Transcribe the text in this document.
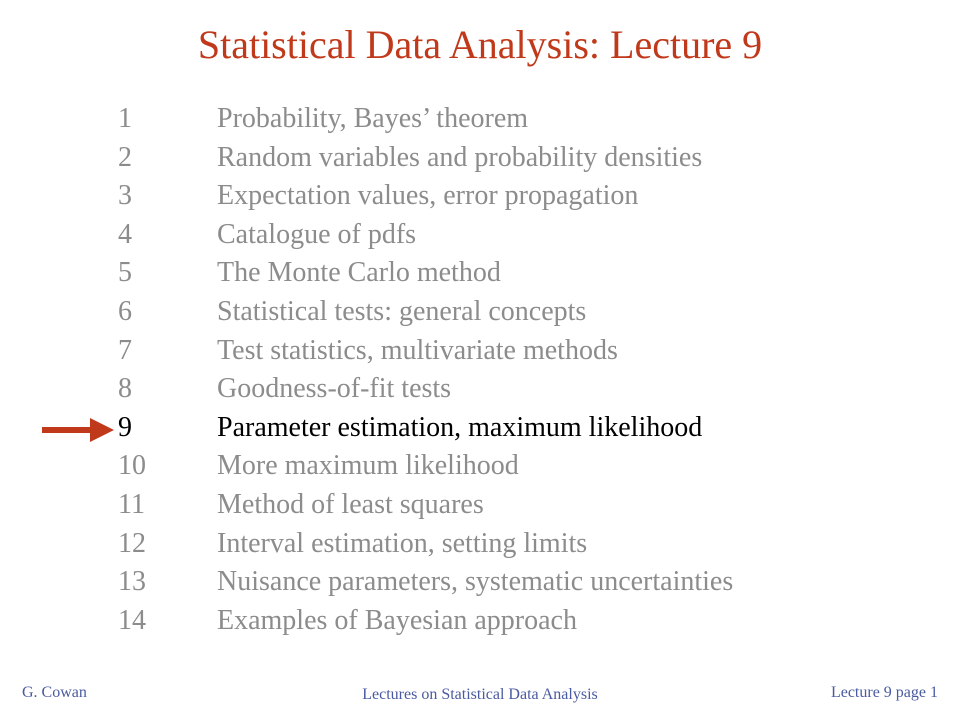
Statistical Data Analysis: Lecture 9
1	Probability, Bayes’ theorem
2	Random variables and probability densities
3	Expectation values, error propagation
4	Catalogue of pdfs
5	The Monte Carlo method
6	Statistical tests: general concepts
7	Test statistics, multivariate methods
8	Goodness-of-fit tests
9	Parameter estimation, maximum likelihood
10	More maximum likelihood
11	Method of least squares
12	Interval estimation, setting limits
13	Nuisance parameters, systematic uncertainties
14	Examples of Bayesian approach
G. Cowan	Lectures on Statistical Data Analysis	Lecture 9 page 1
